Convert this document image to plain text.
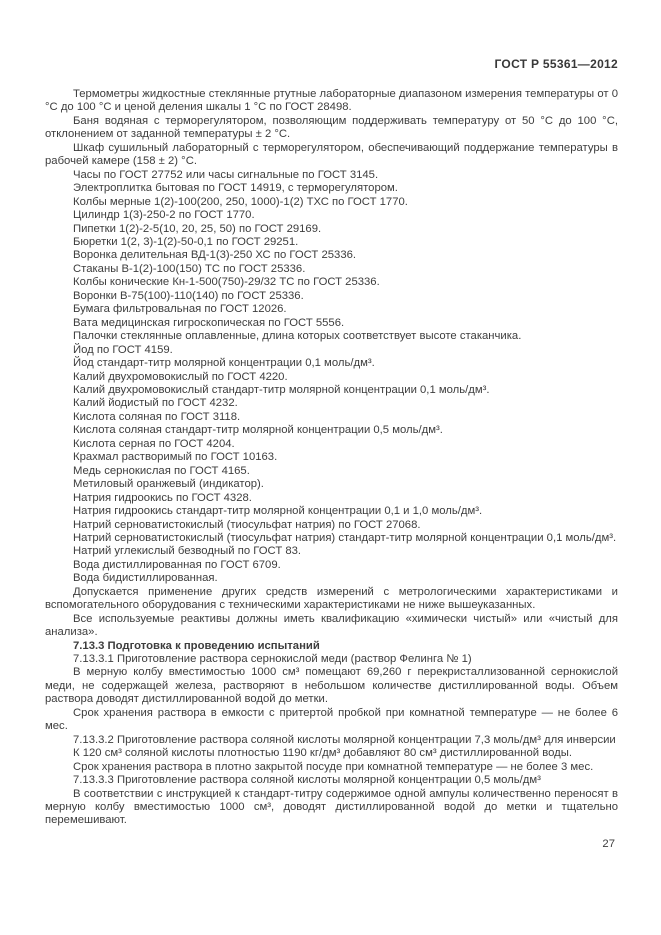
ГОСТ Р 55361—2012
Термометры жидкостные стеклянные ртутные лабораторные диапазоном измерения температуры от 0 °С до 100 °С и ценой деления шкалы 1 °С по ГОСТ 28498.
Баня водяная с терморегулятором, позволяющим поддерживать температуру от 50 °С до 100 °С, отклонением от заданной температуры ± 2 °С.
Шкаф сушильный лабораторный с терморегулятором, обеспечивающий поддержание температуры в рабочей камере (158 ± 2) °С.
Часы по ГОСТ 27752 или часы сигнальные по ГОСТ 3145.
Электроплитка бытовая по ГОСТ 14919, с терморегулятором.
Колбы мерные 1(2)-100(200, 250, 1000)-1(2) ТХС по ГОСТ 1770.
Цилиндр 1(3)-250-2 по ГОСТ 1770.
Пипетки 1(2)-2-5(10, 20, 25, 50) по ГОСТ 29169.
Бюретки 1(2, 3)-1(2)-50-0,1 по ГОСТ 29251.
Воронка делительная ВД-1(3)-250 ХС по ГОСТ 25336.
Стаканы В-1(2)-100(150) ТС по ГОСТ 25336.
Колбы конические Кн-1-500(750)-29/32 ТС по ГОСТ 25336.
Воронки В-75(100)-110(140) по ГОСТ 25336.
Бумага фильтровальная по ГОСТ 12026.
Вата медицинская гигроскопическая по ГОСТ 5556.
Палочки стеклянные оплавленные, длина которых соответствует высоте стаканчика.
Йод по ГОСТ 4159.
Йод стандарт-титр молярной концентрации 0,1 моль/дм³.
Калий двухромовокислый по ГОСТ 4220.
Калий двухромовокислый стандарт-титр молярной концентрации 0,1 моль/дм³.
Калий йодистый по ГОСТ 4232.
Кислота соляная по ГОСТ 3118.
Кислота соляная стандарт-титр молярной концентрации 0,5 моль/дм³.
Кислота серная по ГОСТ 4204.
Крахмал растворимый по ГОСТ 10163.
Медь сернокислая по ГОСТ 4165.
Метиловый оранжевый (индикатор).
Натрия гидроокись по ГОСТ 4328.
Натрия гидроокись стандарт-титр молярной концентрации 0,1 и 1,0 моль/дм³.
Натрий серноватистокислый (тиосульфат натрия) по ГОСТ 27068.
Натрий серноватистокислый (тиосульфат натрия) стандарт-титр молярной концентрации 0,1 моль/дм³.
Натрий углекислый безводный по ГОСТ 83.
Вода дистиллированная по ГОСТ 6709.
Вода бидистиллированная.
Допускается применение других средств измерений с метрологическими характеристиками и вспомогательного оборудования с техническими характеристиками не ниже вышеуказанных.
Все используемые реактивы должны иметь квалификацию «химически чистый» или «чистый для анализа».
7.13.3 Подготовка к проведению испытаний
7.13.3.1 Приготовление раствора сернокислой меди (раствор Фелинга № 1)
В мерную колбу вместимостью 1000 см³ помещают 69,260 г перекристаллизованной сернокислой меди, не содержащей железа, растворяют в небольшом количестве дистиллированной воды. Объем раствора доводят дистиллированной водой до метки.
Срок хранения раствора в емкости с притертой пробкой при комнатной температуре — не более 6 мес.
7.13.3.2 Приготовление раствора соляной кислоты молярной концентрации 7,3 моль/дм³ для инверсии
К 120 см³ соляной кислоты плотностью 1190 кг/дм³ добавляют 80 см³ дистиллированной воды.
Срок хранения раствора в плотно закрытой посуде при комнатной температуре — не более 3 мес.
7.13.3.3 Приготовление раствора соляной кислоты молярной концентрации 0,5 моль/дм³
В соответствии с инструкцией к стандарт-титру содержимое одной ампулы количественно переносят в мерную колбу вместимостью 1000 см³, доводят дистиллированной водой до метки и тщательно перемешивают.
27
